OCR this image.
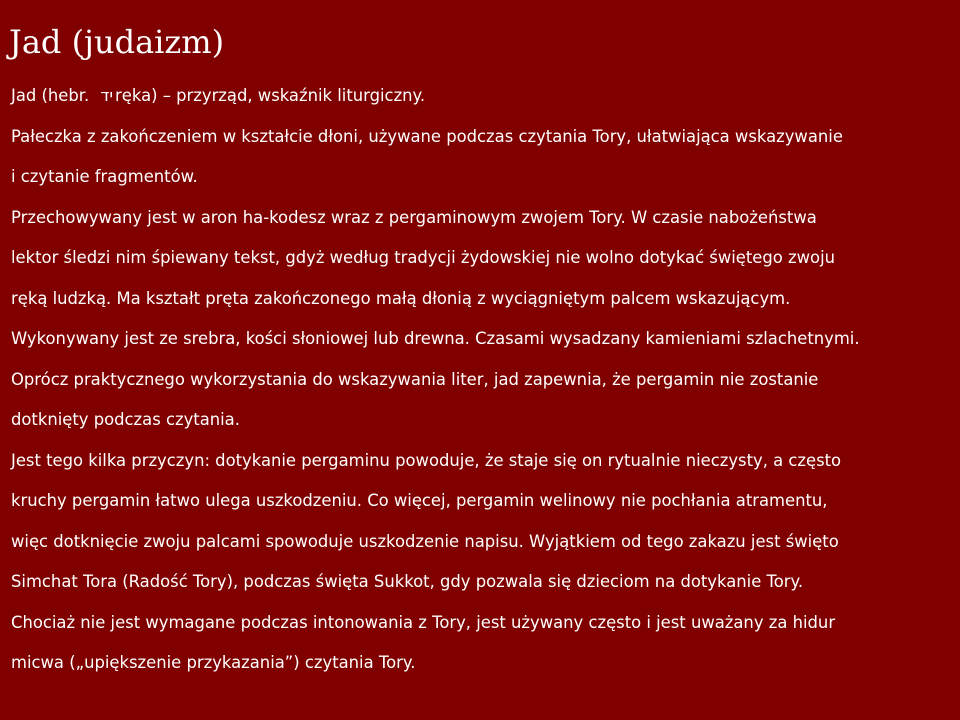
Jad (judaizm)
Jad (hebr. יד ręka) – przyrząd, wskaźnik liturgiczny.
Pałeczka z zakończeniem w kształcie dłoni, używane podczas czytania Tory, ułatwiająca wskazywanie
i czytanie fragmentów.
Przechowywany jest w aron ha-kodesz wraz z pergaminowym zwojem Tory. W czasie nabożeństwa
lektor śledzi nim śpiewany tekst, gdyż według tradycji żydowskiej nie wolno dotykać świętego zwoju
ręką ludzką. Ma kształt pręta zakończonego małą dłonią z wyciągniętym palcem wskazującym.
Wykonywany jest ze srebra, kości słoniowej lub drewna. Czasami wysadzany kamieniami szlachetnymi.
Oprócz praktycznego wykorzystania do wskazywania liter, jad zapewnia, że pergamin nie zostanie
dotknięty podczas czytania.
Jest tego kilka przyczyn: dotykanie pergaminu powoduje, że staje się on rytualnie nieczysty, a często
kruchy pergamin łatwo ulega uszkodzeniu. Co więcej, pergamin welinowy nie pochłania atramentu,
więc dotknięcie zwoju palcami spowoduje uszkodzenie napisu. Wyjątkiem od tego zakazu jest święto
Simchat Tora (Radość Tory), podczas święta Sukkot, gdy pozwala się dzieciom na dotykanie Tory.
Chociaż nie jest wymagane podczas intonowania z Tory, jest używany często i jest uważany za hidur
micwa („upiększenie przykazania”) czytania Tory.
